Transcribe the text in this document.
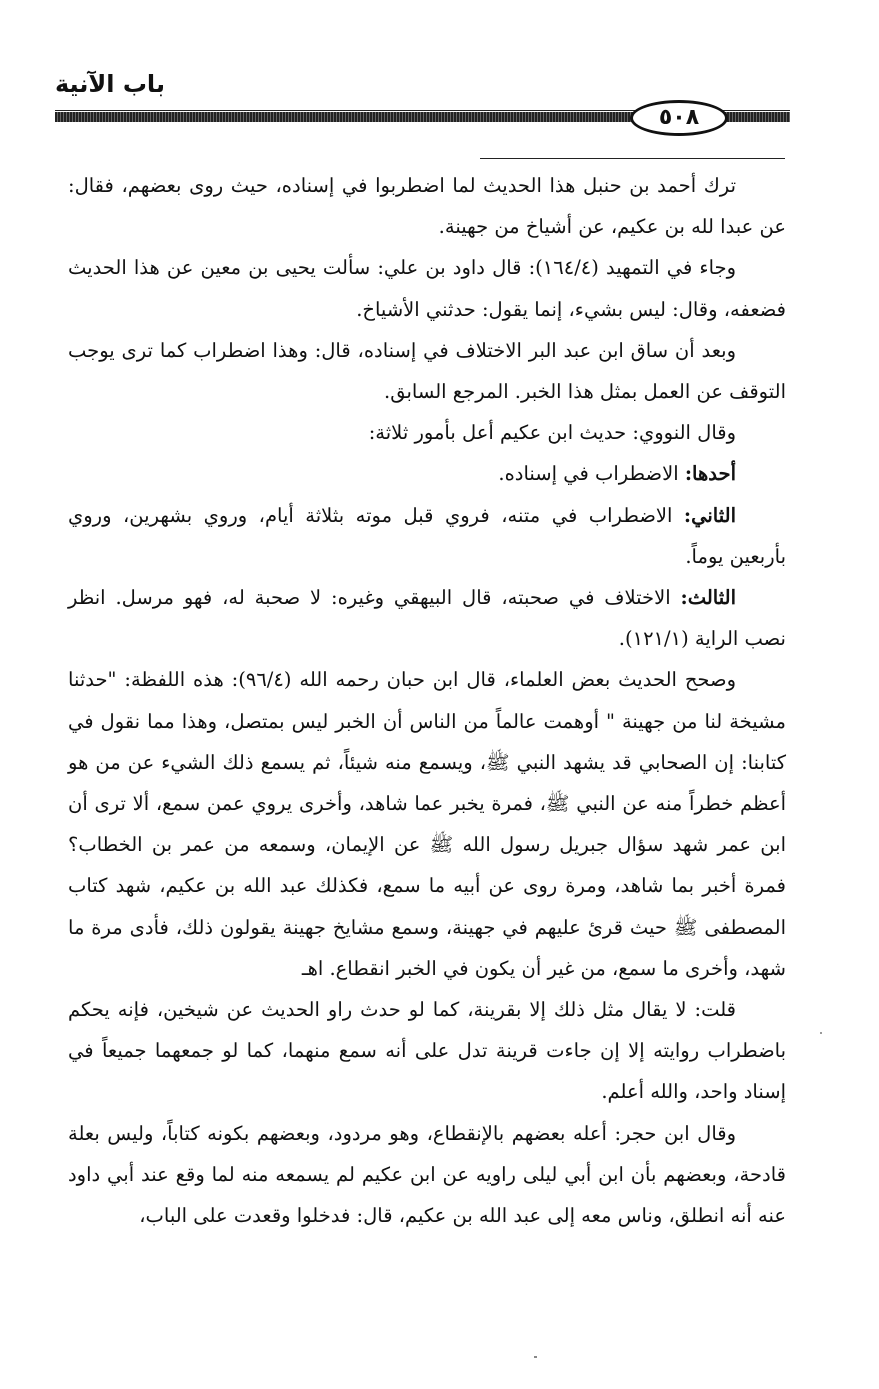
باب الآنية
٥٠٨

ترك أحمد بن حنبل هذا الحديث لما اضطربوا في إسناده، حيث روى بعضهم، فقال: عن عبدا لله بن عكيم، عن أشياخ من جهينة.

وجاء في التمهيد (١٦٤/٤): قال داود بن علي: سألت يحيى بن معين عن هذا الحديث فضعفه، وقال: ليس بشيء، إنما يقول: حدثني الأشياخ.

وبعد أن ساق ابن عبد البر الاختلاف في إسناده، قال: وهذا اضطراب كما ترى يوجب التوقف عن العمل بمثل هذا الخبر. المرجع السابق.

وقال النووي: حديث ابن عكيم أعل بأمور ثلاثة:

أحدها: الاضطراب في إسناده.

الثاني: الاضطراب في متنه، فروي قبل موته بثلاثة أيام، وروي بشهرين، وروي بأربعين يوماً.

الثالث: الاختلاف في صحبته، قال البيهقي وغيره: لا صحبة له، فهو مرسل. انظر نصب الراية (١٢١/١).

وصحح الحديث بعض العلماء، قال ابن حبان رحمه الله (٩٦/٤): هذه اللفظة: "حدثنا مشيخة لنا من جهينة " أوهمت عالماً من الناس أن الخبر ليس بمتصل، وهذا مما نقول في كتابنا: إن الصحابي قد يشهد النبي ﷺ، ويسمع منه شيئاً، ثم يسمع ذلك الشيء عن من هو أعظم خطراً منه عن النبي ﷺ، فمرة يخبر عما شاهد، وأخرى يروي عمن سمع، ألا ترى أن ابن عمر شهد سؤال جبريل رسول الله ﷺ عن الإيمان، وسمعه من عمر بن الخطاب؟ فمرة أخبر بما شاهد، ومرة روى عن أبيه ما سمع، فكذلك عبد الله بن عكيم، شهد كتاب المصطفى ﷺ حيث قرئ عليهم في جهينة، وسمع مشايخ جهينة يقولون ذلك، فأدى مرة ما شهد، وأخرى ما سمع، من غير أن يكون في الخبر انقطاع. اهـ

قلت: لا يقال مثل ذلك إلا بقرينة، كما لو حدث راو الحديث عن شيخين، فإنه يحكم باضطراب روايته إلا إن جاءت قرينة تدل على أنه سمع منهما، كما لو جمعهما جميعاً في إسناد واحد، والله أعلم.

وقال ابن حجر: أعله بعضهم بالإنقطاع، وهو مردود، وبعضهم بكونه كتاباً، وليس بعلة قادحة، وبعضهم بأن ابن أبي ليلى راويه عن ابن عكيم لم يسمعه منه لما وقع عند أبي داود عنه أنه انطلق، وناس معه إلى عبد الله بن عكيم، قال: فدخلوا وقعدت على الباب،
